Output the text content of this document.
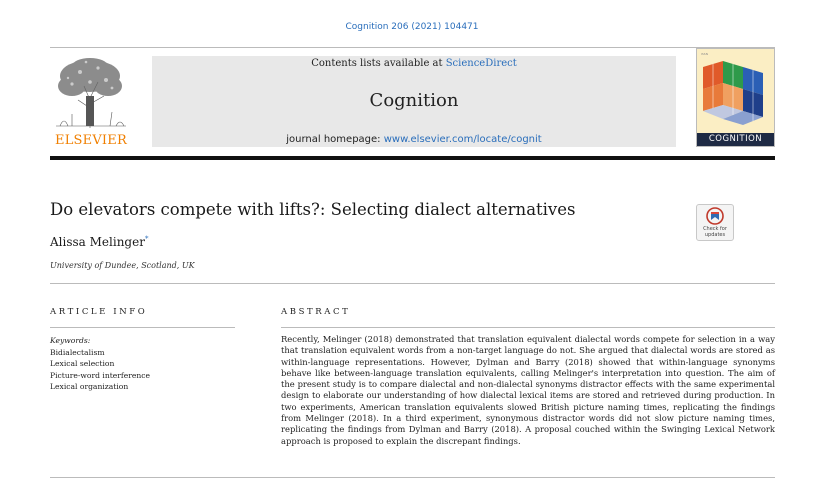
Cognition 206 (2021) 104471
ELSEVIER
Contents lists available at ScienceDirect
Cognition
journal homepage: www.elsevier.com/locate/cognit
ISSN
COGNITION
Do elevators compete with lifts?: Selecting dialect alternatives
Alissa Melinger*
University of Dundee, Scotland, UK
Check for updates
ARTICLE INFO	ABSTRACT
Keywords:
Bidialectalism
Lexical selection
Picture-word interference
Lexical organization
Recently, Melinger (2018) demonstrated that translation equivalent dialectal words compete for selection in a way that translation equivalent words from a non-target language do not. She argued that dialectal words are stored as within-language representations. However, Dylman and Barry (2018) showed that within-language synonyms behave like between-language translation equivalents, calling Melinger's interpretation into question. The aim of the present study is to compare dialectal and non-dialectal synonyms distractor effects with the same experimental design to elaborate our understanding of how dialectal lexical items are stored and retrieved during production. In two experiments, American translation equivalents slowed British picture naming times, replicating the findings from Melinger (2018). In a third experiment, synonymous distractor words did not slow picture naming times, replicating the findings from Dylman and Barry (2018). A proposal couched within the Swinging Lexical Network approach is proposed to explain the discrepant findings.
